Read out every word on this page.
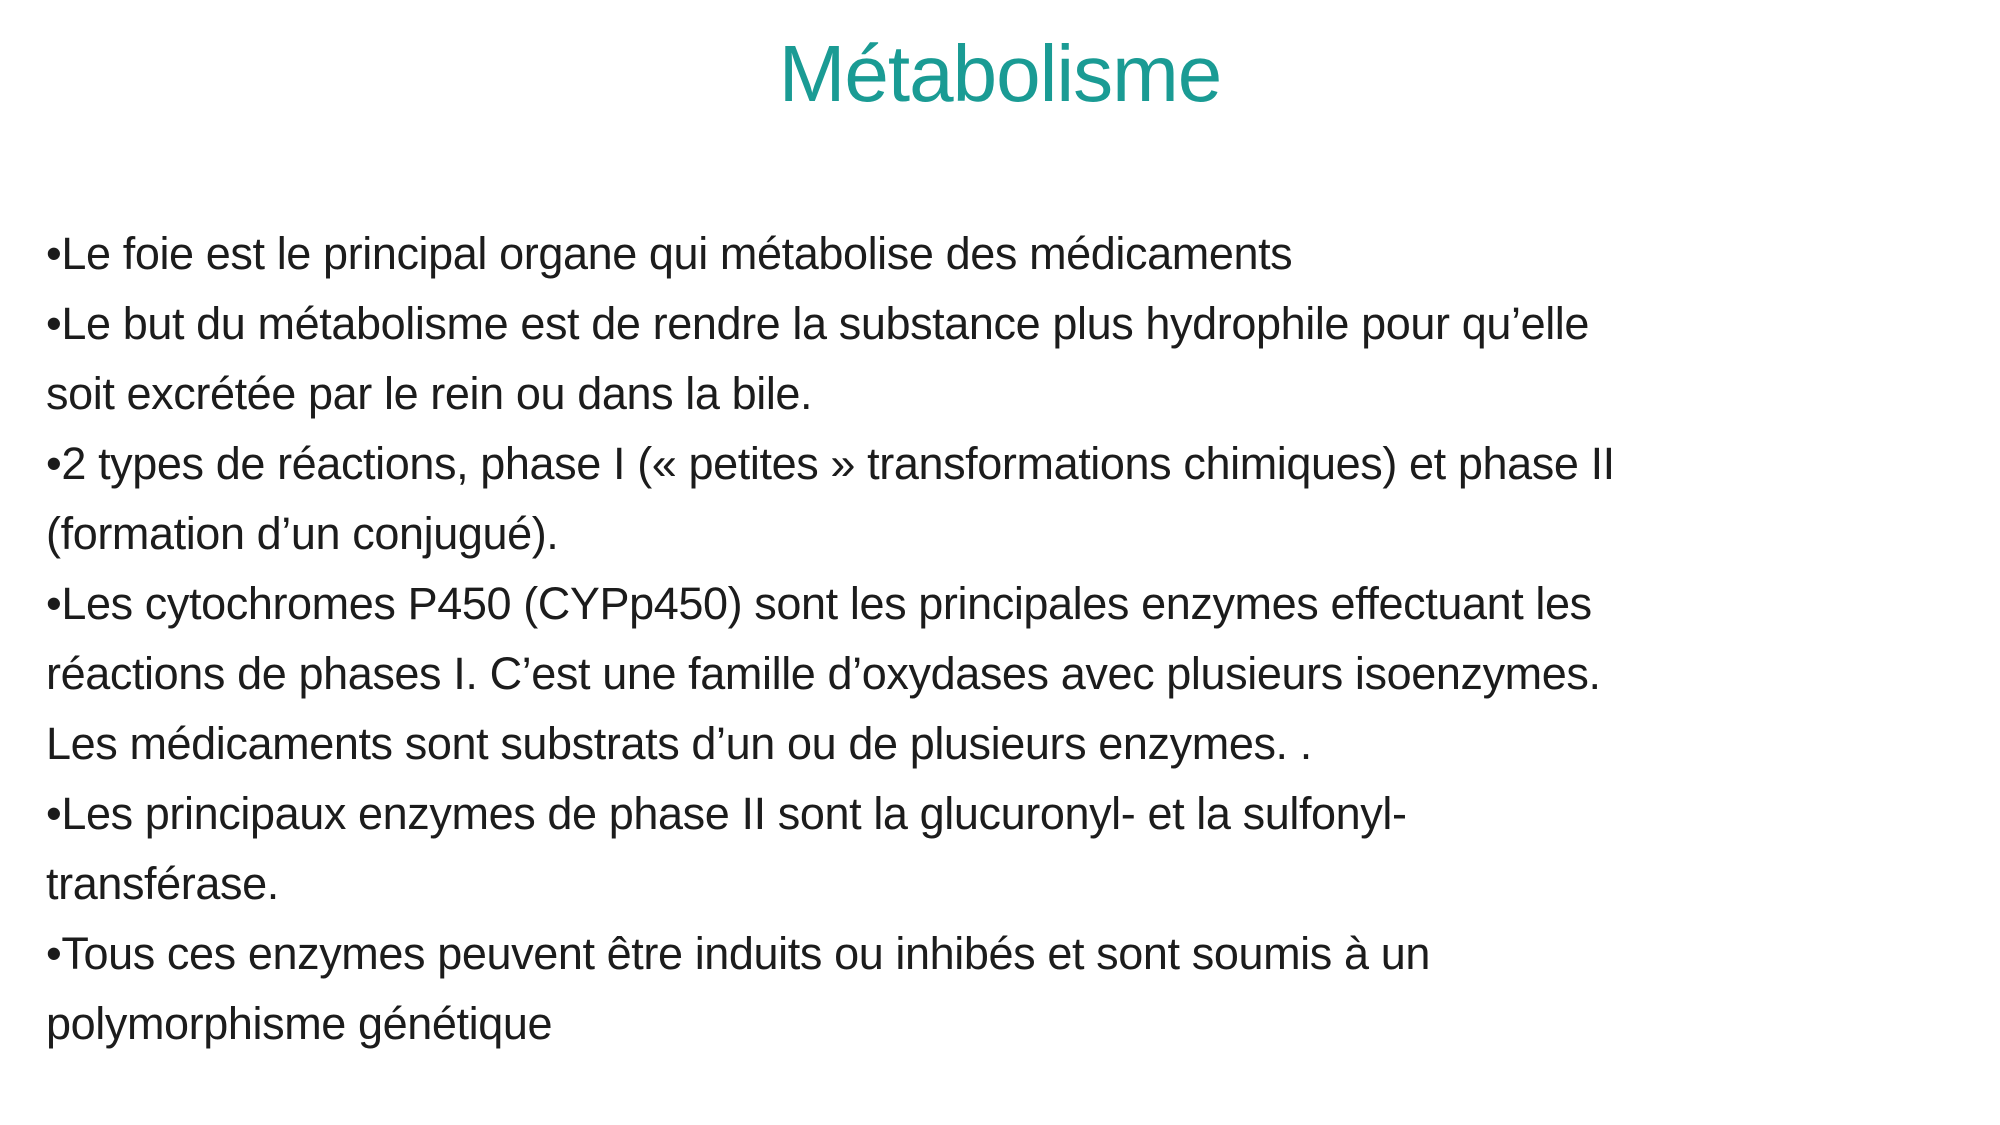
Métabolisme
•Le foie est le principal organe qui métabolise des médicaments
•Le but du métabolisme est de rendre la substance plus hydrophile pour qu’elle
soit excrétée par le rein ou dans la bile.
•2 types de réactions, phase I (« petites » transformations chimiques) et phase II
(formation d’un conjugué).
•Les cytochromes P450 (CYPp450) sont les principales enzymes effectuant les
réactions de phases I. C’est une famille d’oxydases avec plusieurs isoenzymes.
Les médicaments sont substrats d’un ou de plusieurs enzymes. .
•Les principaux enzymes de phase II sont la glucuronyl- et la sulfonyl-
transférase.
•Tous ces enzymes peuvent être induits ou inhibés et sont soumis à un
polymorphisme génétique
